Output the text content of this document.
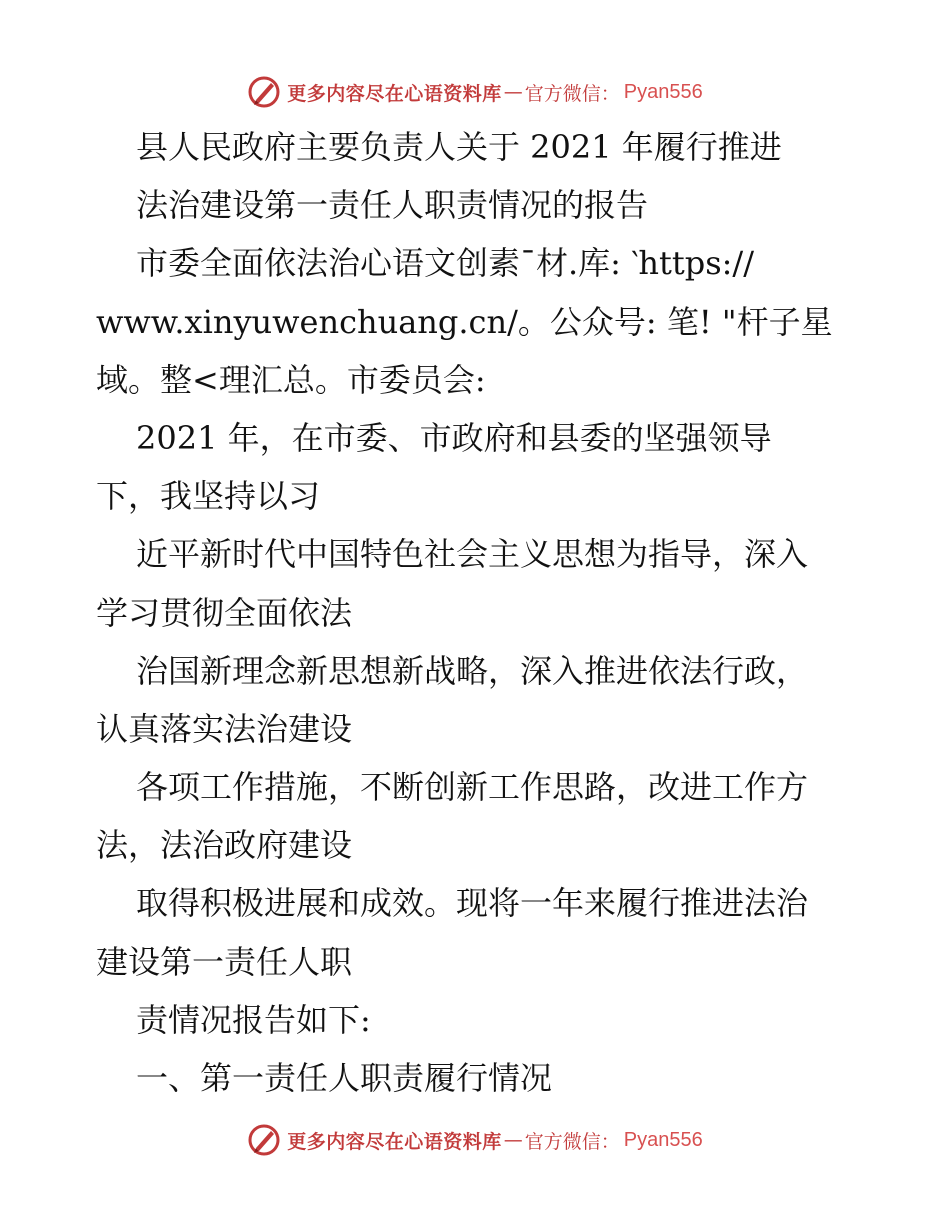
更多内容尽在心语资料库 — 官方微信： Pyan556
县人民政府主要负责人关于 2021 年履行推进
法治建设第一责任人职责情况的报告
市委全面依法治心语文创素¯材.库: ‵https://
www.xinyuwenchuang.cn/。公众号: 笔! "杆子星
域。整<理汇总。市委员会:
2021 年，在市委、市政府和县委的坚强领导
下，我坚持以习
近平新时代中国特色社会主义思想为指导，深入
学习贯彻全面依法
治国新理念新思想新战略，深入推进依法行政，
认真落实法治建设
各项工作措施，不断创新工作思路，改进工作方
法，法治政府建设
取得积极进展和成效。现将一年来履行推进法治
建设第一责任人职
责情况报告如下:
一、第一责任人职责履行情况
更多内容尽在心语资料库 — 官方微信： Pyan556
